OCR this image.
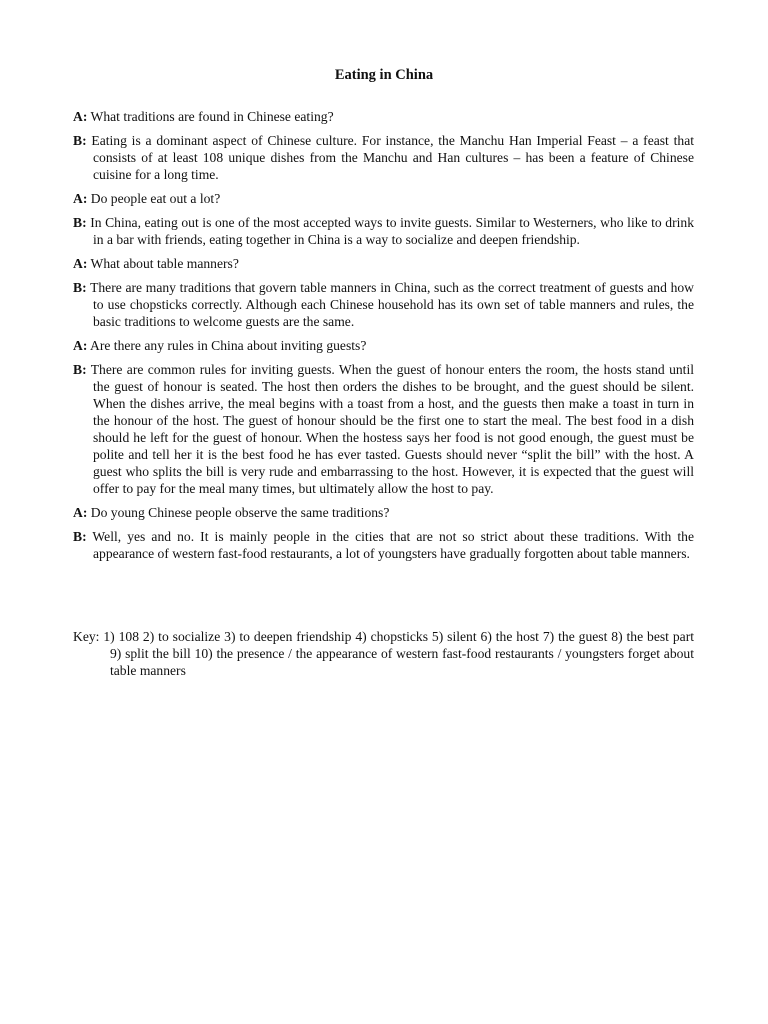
Eating in China

A: What traditions are found in Chinese eating?

B: Eating is a dominant aspect of Chinese culture. For instance, the Manchu Han Imperial Feast – a feast that consists of at least 108 unique dishes from the Manchu and Han cultures – has been a feature of Chinese cuisine for a long time.

A: Do people eat out a lot?

B: In China, eating out is one of the most accepted ways to invite guests. Similar to Westerners, who like to drink in a bar with friends, eating together in China is a way to socialize and deepen friendship.

A: What about table manners?

B: There are many traditions that govern table manners in China, such as the correct treatment of guests and how to use chopsticks correctly. Although each Chinese household has its own set of table manners and rules, the basic traditions to welcome guests are the same.

A: Are there any rules in China about inviting guests?

B: There are common rules for inviting guests. When the guest of honour enters the room, the hosts stand until the guest of honour is seated. The host then orders the dishes to be brought, and the guest should be silent. When the dishes arrive, the meal begins with a toast from a host, and the guests then make a toast in turn in the honour of the host. The guest of honour should be the first one to start the meal. The best food in a dish should he left for the guest of honour. When the hostess says her food is not good enough, the guest must be polite and tell her it is the best food he has ever tasted. Guests should never “split the bill” with the host. A guest who splits the bill is very rude and embarrassing to the host. However, it is expected that the guest will offer to pay for the meal many times, but ultimately allow the host to pay.

A: Do young Chinese people observe the same traditions?

B: Well, yes and no. It is mainly people in the cities that are not so strict about these traditions. With the appearance of western fast-food restaurants, a lot of youngsters have gradually forgotten about table manners.

Key: 1) 108 2) to socialize 3) to deepen friendship 4) chopsticks 5) silent 6) the host 7) the guest 8) the best part 9) split the bill 10) the presence / the appearance of western fast-food restaurants / youngsters forget about table manners
